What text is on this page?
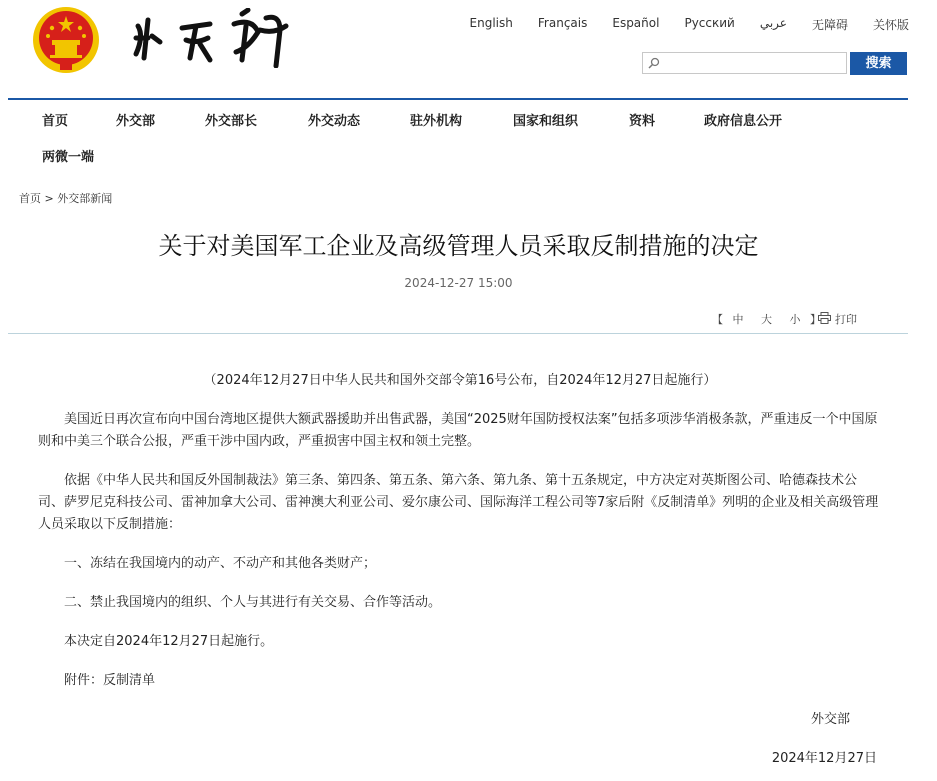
English Français Español Русский عربي 无障碍 关怀版
搜索
首页	外交部	外交部长	外交动态	驻外机构	国家和组织	资料	政府信息公开
两微一端
首页 > 外交部新闻
关于对美国军工企业及高级管理人员采取反制措施的决定
2024-12-27 15:00
【 中 大 小 】	打印

（2024年12月27日中华人民共和国外交部令第16号公布，自2024年12月27日起施行）

美国近日再次宣布向中国台湾地区提供大额武器援助并出售武器，美国“2025财年国防授权法案”包括多项涉华消极条款，严重违反一个中国原则和中美三个联合公报，严重干涉中国内政，严重损害中国主权和领土完整。

依据《中华人民共和国反外国制裁法》第三条、第四条、第五条、第六条、第九条、第十五条规定，中方决定对英斯图公司、哈德森技术公司、萨罗尼克科技公司、雷神加拿大公司、雷神澳大利亚公司、爱尔康公司、国际海洋工程公司等7家后附《反制清单》列明的企业及相关高级管理人员采取以下反制措施：

一、冻结在我国境内的动产、不动产和其他各类财产；

二、禁止我国境内的组织、个人与其进行有关交易、合作等活动。

本决定自2024年12月27日起施行。

附件：反制清单

外交部

2024年12月27日
